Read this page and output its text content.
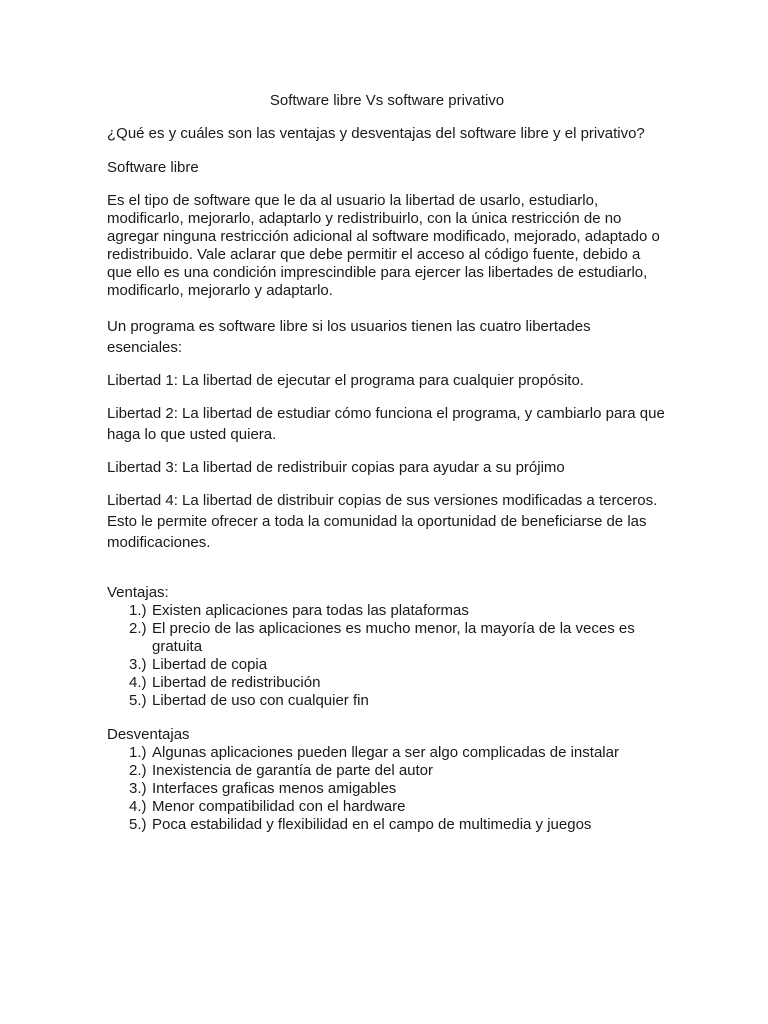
Software libre Vs software privativo

¿Qué es y cuáles son las ventajas y desventajas del software libre y el privativo?

Software libre

Es el tipo de software que le da al usuario la libertad de usarlo, estudiarlo, modificarlo, mejorarlo, adaptarlo y redistribuirlo, con la única restricción de no agregar ninguna restricción adicional al software modificado, mejorado, adaptado o redistribuido. Vale aclarar que debe permitir el acceso al código fuente, debido a que ello es una condición imprescindible para ejercer las libertades de estudiarlo, modificarlo, mejorarlo y adaptarlo.

Un programa es software libre si los usuarios tienen las cuatro libertades esenciales:

Libertad 1: La libertad de ejecutar el programa para cualquier propósito.

Libertad 2: La libertad de estudiar cómo funciona el programa, y cambiarlo para que haga lo que usted quiera.

Libertad 3: La libertad de redistribuir copias para ayudar a su prójimo

Libertad 4: La libertad de distribuir copias de sus versiones modificadas a terceros. Esto le permite ofrecer a toda la comunidad la oportunidad de beneficiarse de las modificaciones.

Ventajas:

1.) Existen aplicaciones para todas las plataformas
2.) El precio de las aplicaciones es mucho menor, la mayoría de la veces es gratuita
3.) Libertad de copia
4.) Libertad de redistribución
5.) Libertad de uso con cualquier fin

Desventajas

1.) Algunas aplicaciones pueden llegar a ser algo complicadas de instalar
2.) Inexistencia de garantía de parte del autor
3.) Interfaces graficas menos amigables
4.) Menor compatibilidad con el hardware
5.) Poca estabilidad y flexibilidad en el campo de multimedia y juegos
